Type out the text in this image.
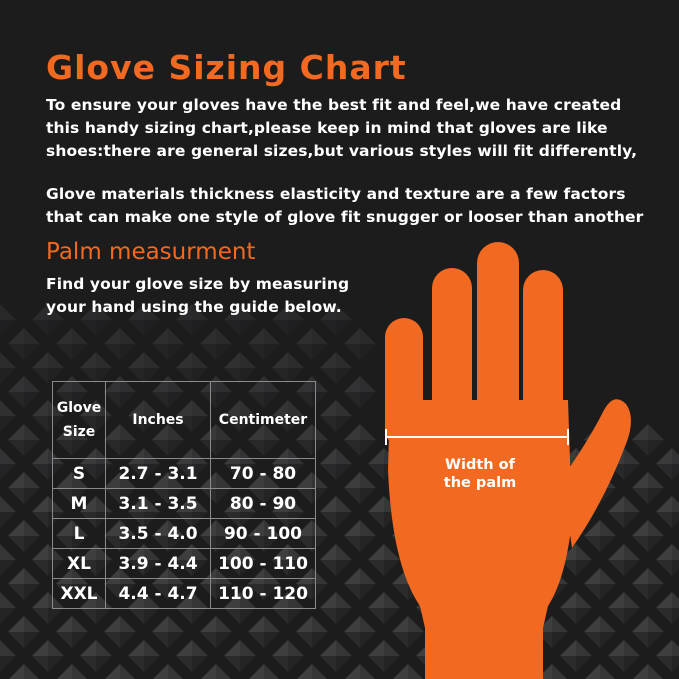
Glove Sizing Chart
To ensure your gloves have the best fit and feel,we have created
this handy sizing chart,please keep in mind that gloves are like
shoes:there are general sizes,but various styles will fit differently,
Glove materials thickness elasticity and texture are a few factors
that can make one style of glove fit snugger or looser than another
Palm measurment
Find your glove size by measuring
your hand using the guide below.
Glove
Size	Inches	Centimeter
S	2.7 - 3.1	70 - 80
M	3.1 - 3.5	80 - 90
L	3.5 - 4.0	90 - 100
XL	3.9 - 4.4	100 - 110
XXL	4.4 - 4.7	110 - 120
Width of
the palm
